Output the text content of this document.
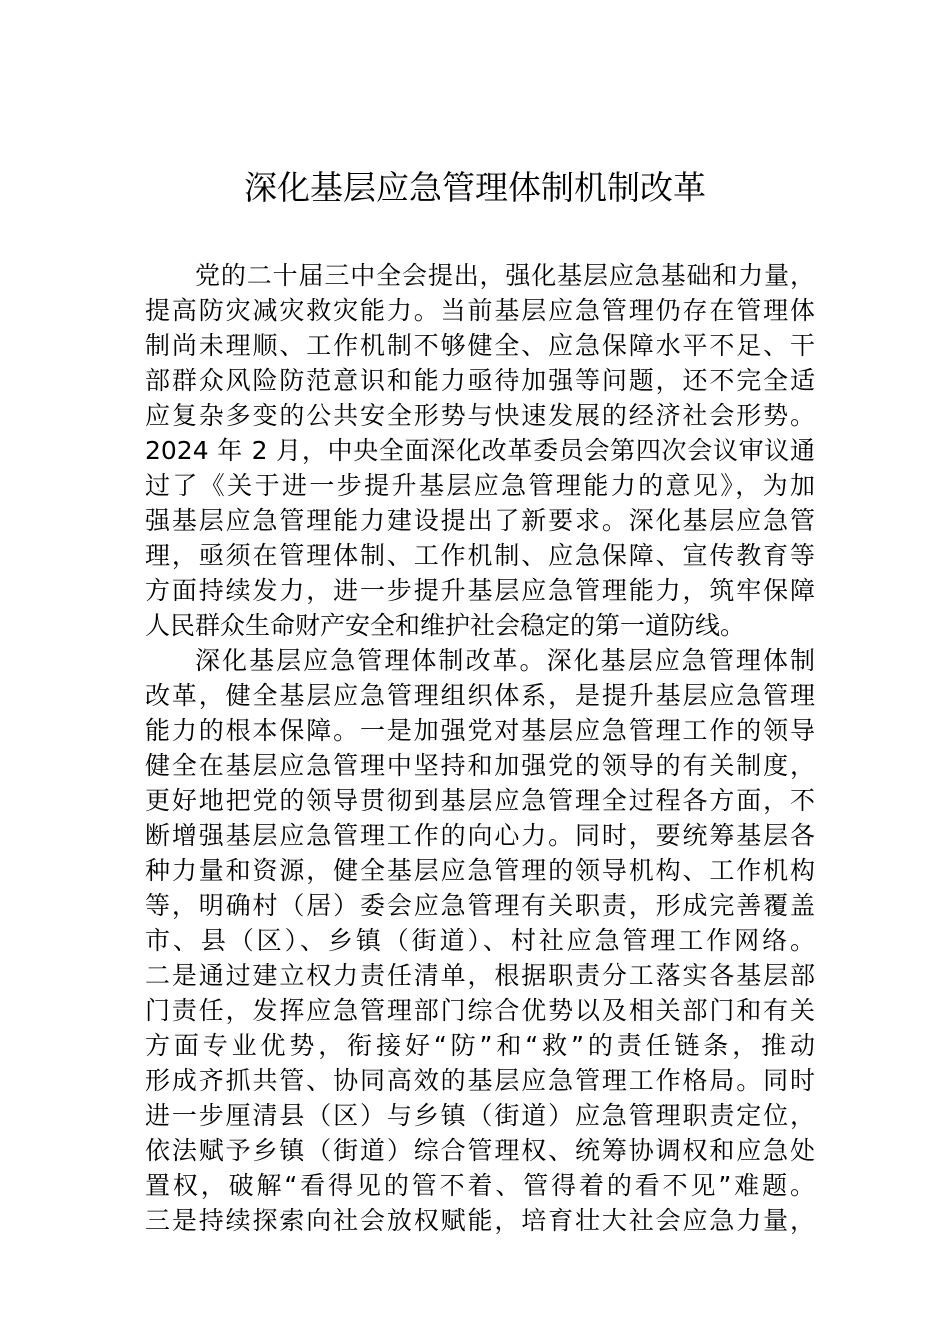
深化基层应急管理体制机制改革
党的二十届三中全会提出，强化基层应急基础和力量，
提高防灾减灾救灾能力。当前基层应急管理仍存在管理体
制尚未理顺、工作机制不够健全、应急保障水平不足、干
部群众风险防范意识和能力亟待加强等问题，还不完全适
应复杂多变的公共安全形势与快速发展的经济社会形势。
2024 年 2 月，中央全面深化改革委员会第四次会议审议通
过了《关于进一步提升基层应急管理能力的意见》，为加
强基层应急管理能力建设提出了新要求。深化基层应急管
理，亟须在管理体制、工作机制、应急保障、宣传教育等
方面持续发力，进一步提升基层应急管理能力，筑牢保障
人民群众生命财产安全和维护社会稳定的第一道防线。
深化基层应急管理体制改革。深化基层应急管理体制
改革，健全基层应急管理组织体系，是提升基层应急管理
能力的根本保障。一是加强党对基层应急管理工作的领导
健全在基层应急管理中坚持和加强党的领导的有关制度，
更好地把党的领导贯彻到基层应急管理全过程各方面，不
断增强基层应急管理工作的向心力。同时，要统筹基层各
种力量和资源，健全基层应急管理的领导机构、工作机构
等，明确村（居）委会应急管理有关职责，形成完善覆盖
市、县（区）、乡镇（街道）、村社应急管理工作网络。
二是通过建立权力责任清单，根据职责分工落实各基层部
门责任，发挥应急管理部门综合优势以及相关部门和有关
方面专业优势，衔接好“防”和“救”的责任链条，推动
形成齐抓共管、协同高效的基层应急管理工作格局。同时
进一步厘清县（区）与乡镇（街道）应急管理职责定位，
依法赋予乡镇（街道）综合管理权、统筹协调权和应急处
置权，破解“看得见的管不着、管得着的看不见”难题。
三是持续探索向社会放权赋能，培育壮大社会应急力量，
